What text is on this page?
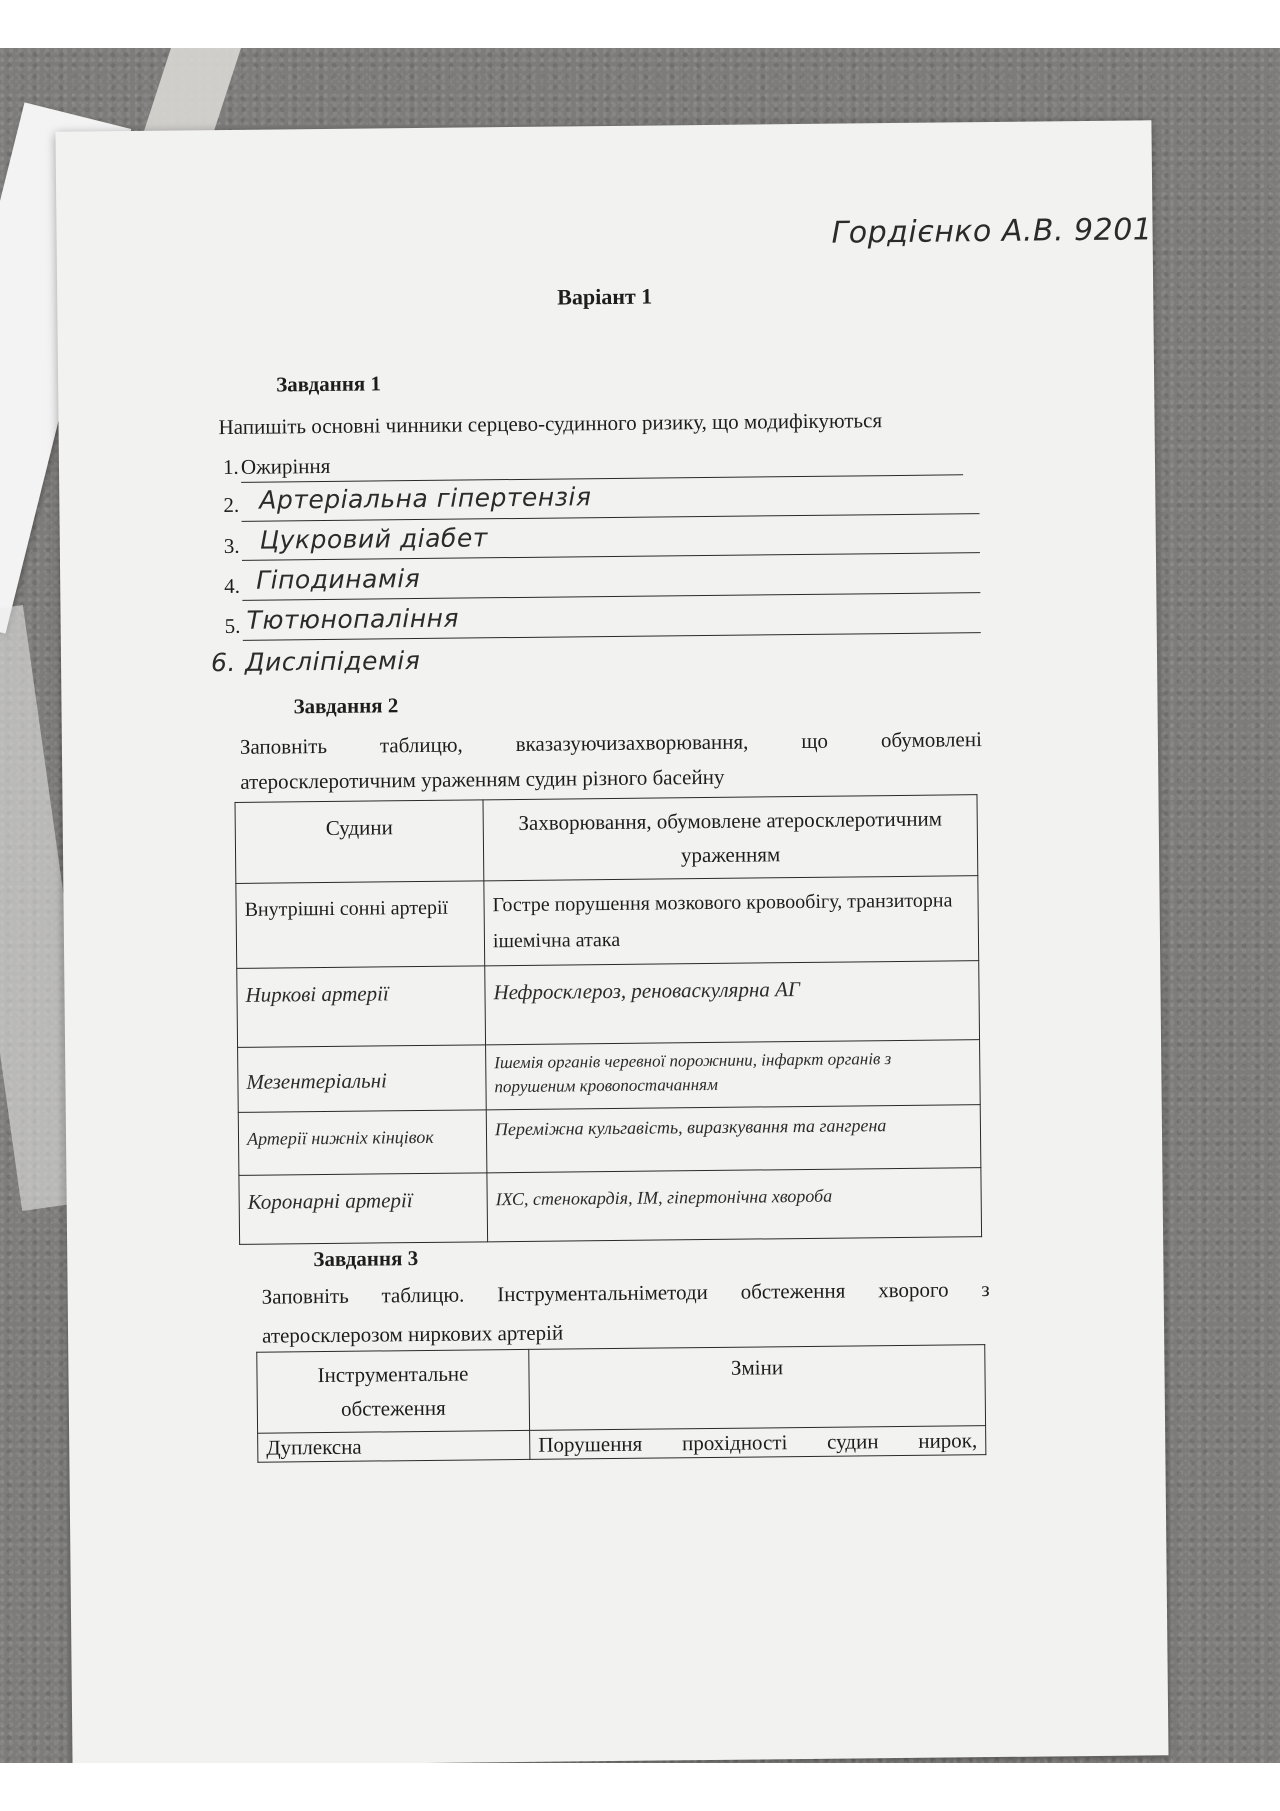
Гордієнко А.В. 9201
Варіант 1
Завдання 1
Напишіть основні чинники серцево-судинного ризику, що модифікуються
1. Ожиріння
2. Артеріальна гіпертензія
3. Цукровий діабет
4. Гіподинамія
5. Тютюнопаління
6. Дисліпідемія
Завдання 2
Заповніть	таблицю,	вказазуючизахворювання,	що	обумовлені
атеросклеротичним ураженням судин різного басейну
Судини	Захворювання, обумовлене атеросклеротичним ураженням
Внутрішні сонні артерії	Гостре порушення мозкового кровообігу, транзиторна ішемічна атака
Ниркові артерії	Нефросклероз, реноваскулярна АГ
Мезентеріальні	Ішемія органів черевної порожнини, інфаркт органів з порушеним кровопостачанням
Артерії нижніх кінцівок	Переміжна кульгавість, виразкування та гангрена
Коронарні артерії	ІХС, стенокардія, ІМ, гіпертонічна хвороба
Завдання 3
Заповніть таблицю. Інструментальніметоди обстеження хворого з
атеросклерозом ниркових артерій
Інструментальне обстеження	Зміни
Дуплексна	Порушення прохідності судин нирок,
